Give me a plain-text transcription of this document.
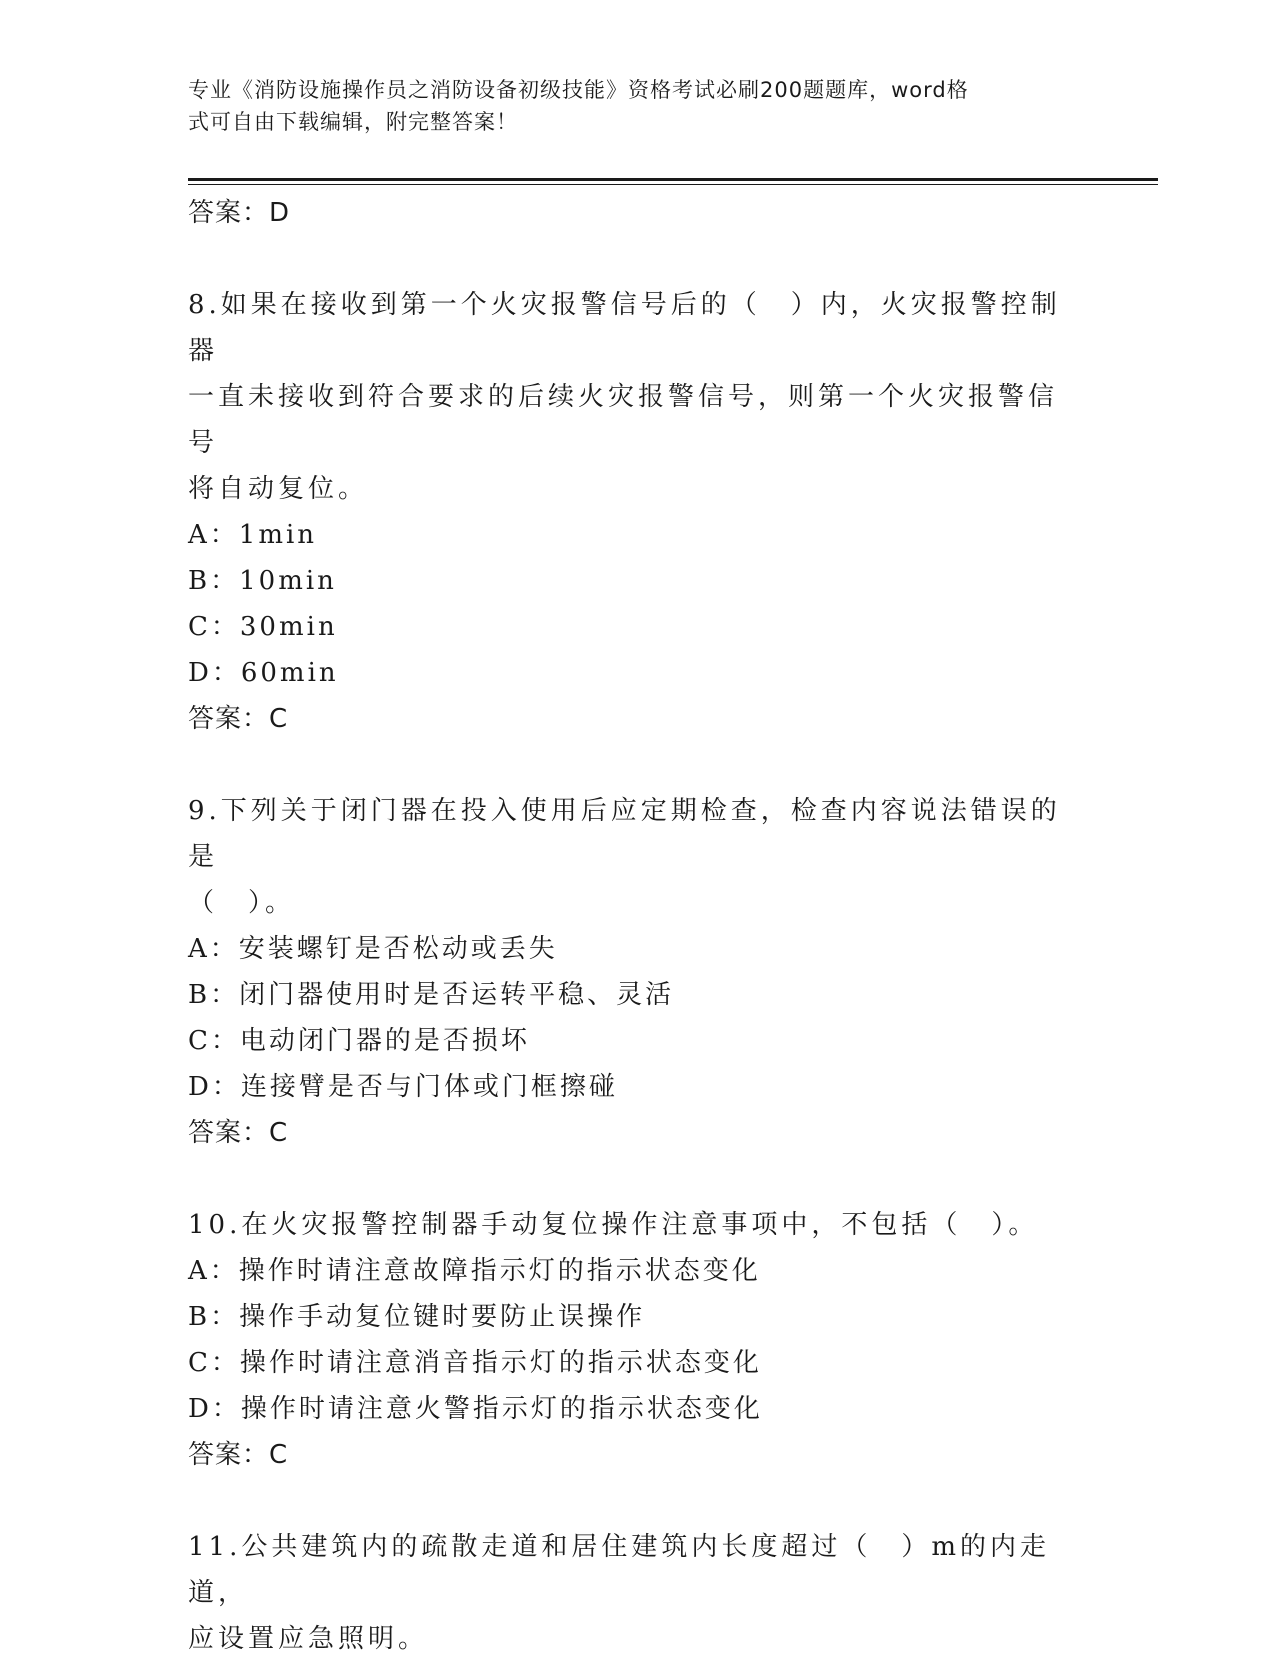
专业《消防设施操作员之消防设备初级技能》资格考试必刷200题题库，word格
式可自由下载编辑，附完整答案！
答案：D
8.如果在接收到第一个火灾报警信号后的（　）内，火灾报警控制器
一直未接收到符合要求的后续火灾报警信号，则第一个火灾报警信号
将自动复位。
A：1min
B：10min
C：30min
D：60min
答案：C
9.下列关于闭门器在投入使用后应定期检查，检查内容说法错误的是
（　）。
A：安装螺钉是否松动或丢失
B：闭门器使用时是否运转平稳、灵活
C：电动闭门器的是否损坏
D：连接臂是否与门体或门框擦碰
答案：C
10.在火灾报警控制器手动复位操作注意事项中，不包括（　）。
A：操作时请注意故障指示灯的指示状态变化
B：操作手动复位键时要防止误操作
C：操作时请注意消音指示灯的指示状态变化
D：操作时请注意火警指示灯的指示状态变化
答案：C
11.公共建筑内的疏散走道和居住建筑内长度超过（　）m的内走道，
应设置应急照明。
